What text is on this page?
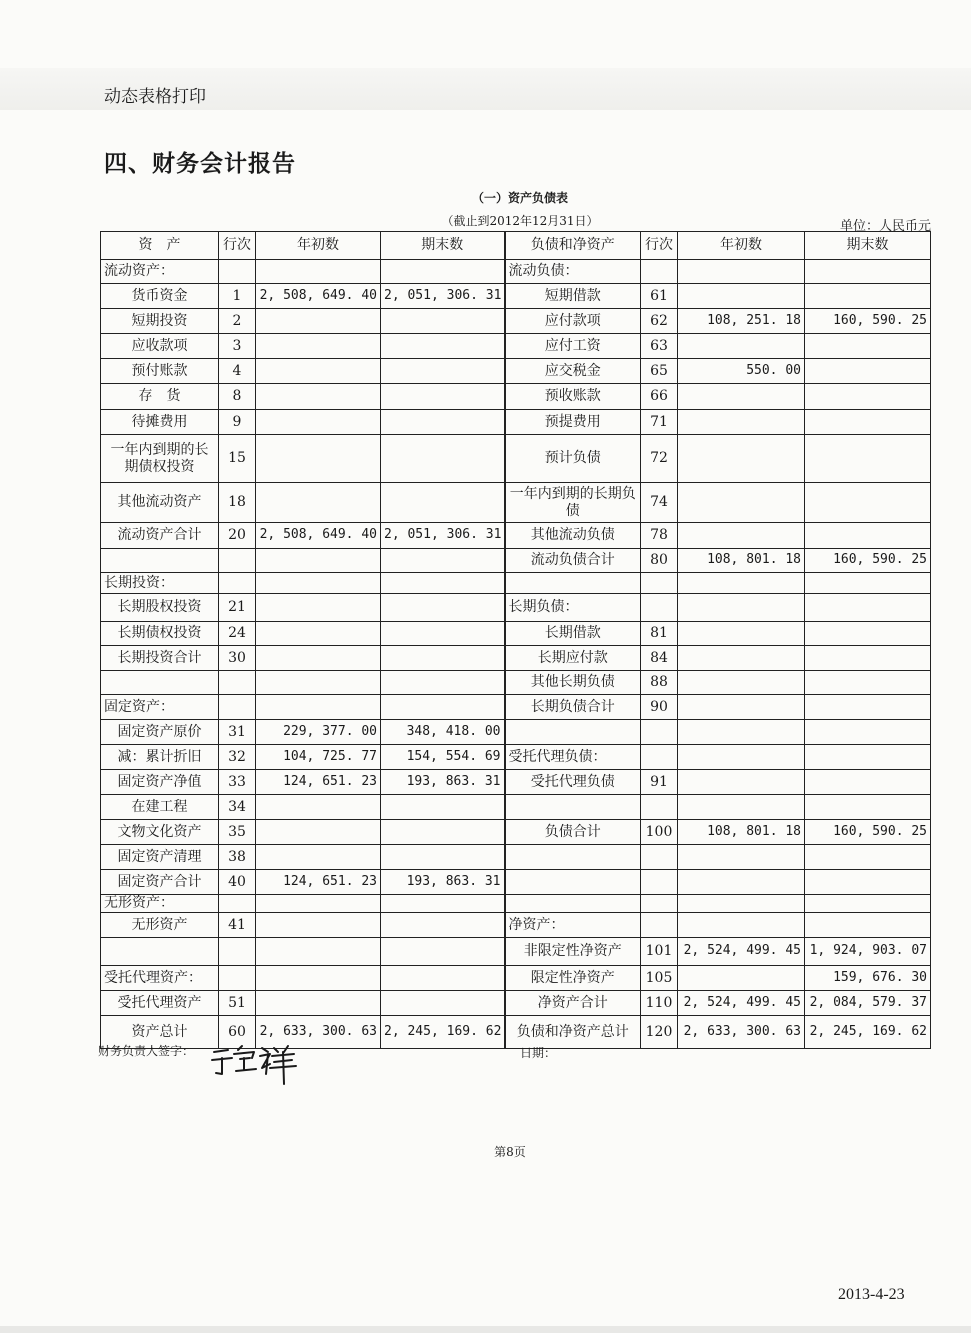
动态表格打印
四、财务会计报告
（一）资产负债表
（截止到2012年12月31日）	单位：人民币元
资　产	行次	年初数	期末数	负债和净资产	行次	年初数	期末数
流动资产：				流动负债：			
货币资金	1	2, 508, 649. 40	2, 051, 306. 31	短期借款	61		
短期投资	2			应付款项	62	108, 251. 18	160, 590. 25
应收款项	3			应付工资	63		
预付账款	4			应交税金	65	550. 00	
存　货	8			预收账款	66		
待摊费用	9			预提费用	71		
一年内到期的长期债权投资	15			预计负债	72		
其他流动资产	18			一年内到期的长期负债	74		
流动资产合计	20	2, 508, 649. 40	2, 051, 306. 31	其他流动负债	78		
				流动负债合计	80	108, 801. 18	160, 590. 25
长期投资：							
长期股权投资	21			长期负债：			
长期债权投资	24			长期借款	81		
长期投资合计	30			长期应付款	84		
				其他长期负债	88		
固定资产：				长期负债合计	90		
固定资产原价	31	229, 377. 00	348, 418. 00				
减：累计折旧	32	104, 725. 77	154, 554. 69	受托代理负债：			
固定资产净值	33	124, 651. 23	193, 863. 31	受托代理负债	91		
在建工程	34						
文物文化资产	35			负债合计	100	108, 801. 18	160, 590. 25
固定资产清理	38						
固定资产合计	40	124, 651. 23	193, 863. 31				
无形资产：							
无形资产	41			净资产：			
				非限定性净资产	101	2, 524, 499. 45	1, 924, 903. 07
受托代理资产：				限定性净资产	105		159, 676. 30
受托代理资产	51			净资产合计	110	2, 524, 499. 45	2, 084, 579. 37
资产总计	60	2, 633, 300. 63	2, 245, 169. 62	负债和净资产总计	120	2, 633, 300. 63	2, 245, 169. 62
财务负责人签字：	日期：
第8页
2013-4-23
